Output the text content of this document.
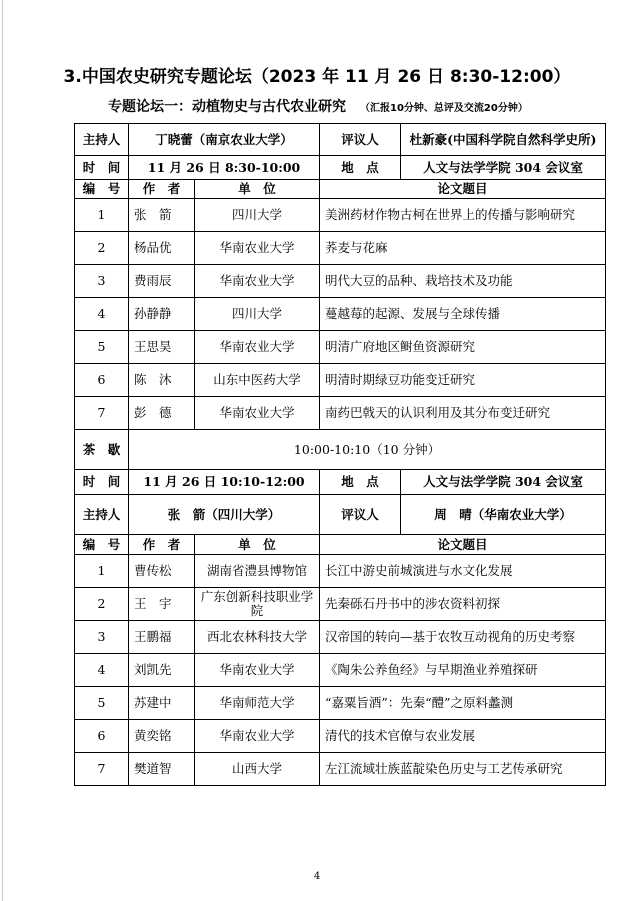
3.中国农史研究专题论坛（2023 年 11 月 26 日 8:30-12:00）
专题论坛一：动植物史与古代农业研究 （汇报10分钟、总评及交流20分钟）
主持人	丁晓蕾（南京农业大学）		评议人	杜新豪(中国科学院自然科学史所)
时　间	11 月 26 日 8:30-10:00		地　点	人文与法学学院 304 会议室
编　号	作　者	单　位	论文题目	
1	张　箭	四川大学	美洲药材作物古柯在世界上的传播与影响研究	
2	杨品优	华南农业大学	荞麦与花麻	
3	费雨辰	华南农业大学	明代大豆的品种、栽培技术及功能	
4	孙静静	四川大学	蔓越莓的起源、发展与全球传播	
5	王思昊	华南农业大学	明清广府地区鲥鱼资源研究	
6	陈　沐	山东中医药大学	明清时期绿豆功能变迁研究	
7	彭　德	华南农业大学	南药巴戟天的认识利用及其分布变迁研究	
茶　歇	10:00-10:10（10 分钟）			
时　间	11 月 26 日 10:10-12:00		地　点	人文与法学学院 304 会议室
主持人	张　箭（四川大学）		评议人	周　晴（华南农业大学）
编　号	作　者	单　位	论文题目	
1	曹传松	湖南省澧县博物馆	长江中游史前城演进与水文化发展	
2	王　宇	广东创新科技职业学院	先秦砾石丹书中的涉农资料初探	
3	王鹏福	西北农林科技大学	汉帝国的转向—基于农牧互动视角的历史考察	
4	刘凯先	华南农业大学	《陶朱公养鱼经》与早期渔业养殖探研	
5	苏建中	华南师范大学	“嘉粟旨酒”：先秦“醴”之原料蠡测	
6	黄奕铭	华南农业大学	清代的技术官僚与农业发展	
7	樊道智	山西大学	左江流域壮族蓝靛染色历史与工艺传承研究	
4
